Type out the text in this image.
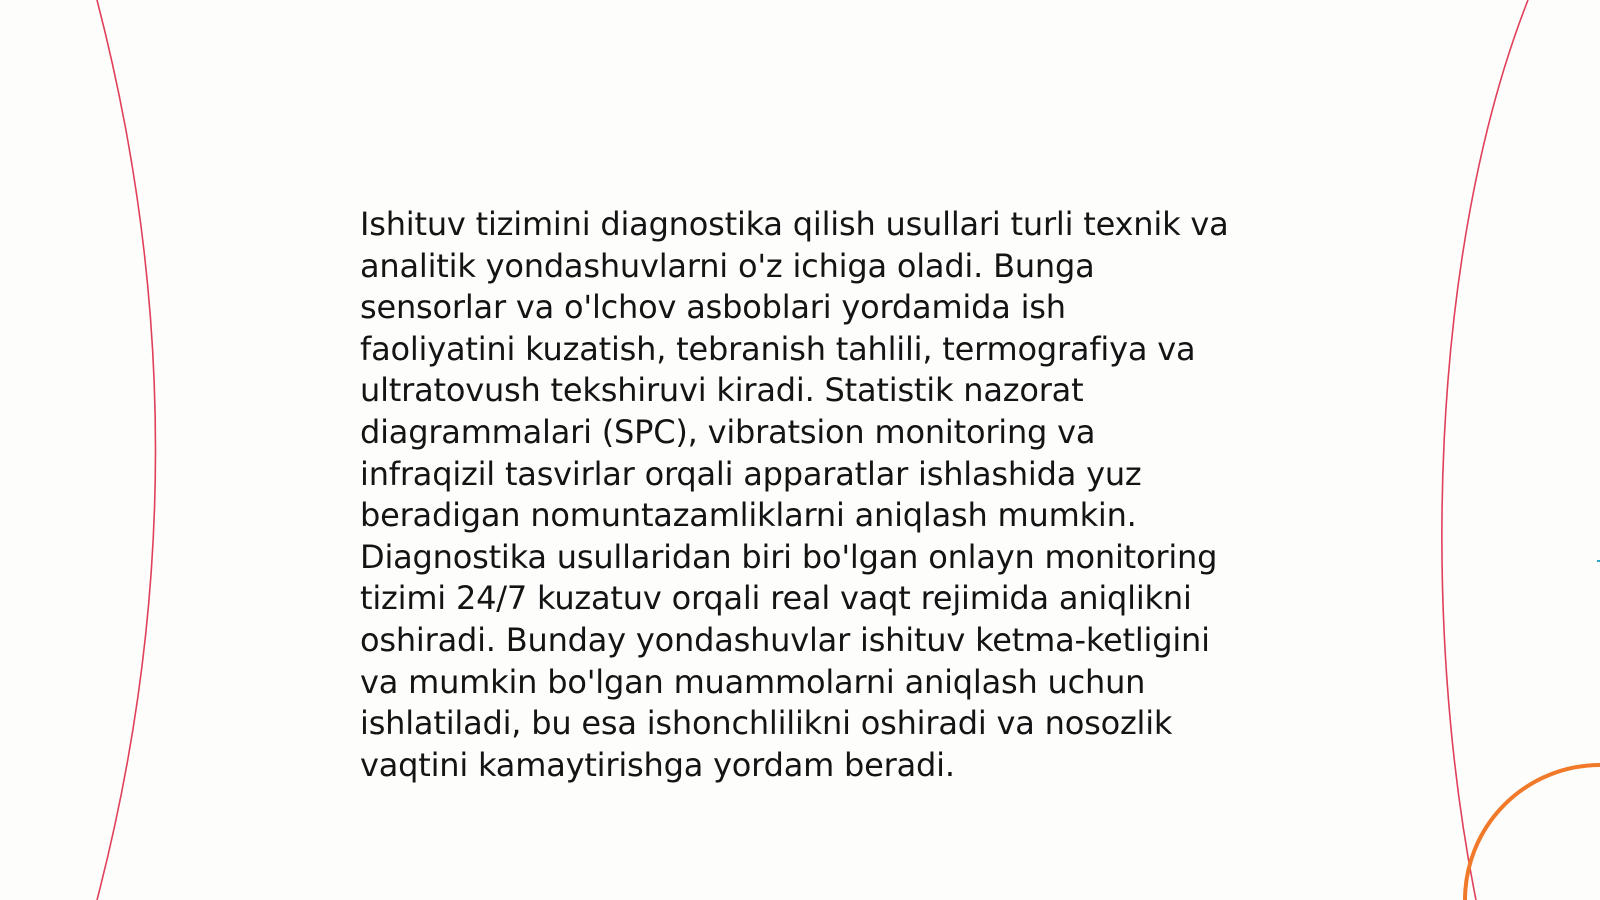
Ishituv tizimini diagnostika qilish usullari turli texnik va analitik yondashuvlarni o'z ichiga oladi. Bunga sensorlar va o'lchov asboblari yordamida ish faoliyatini kuzatish, tebranish tahlili, termografiya va ultratovush tekshiruvi kiradi. Statistik nazorat diagrammalari (SPC), vibratsion monitoring va infraqizil tasvirlar orqali apparatlar ishlashida yuz beradigan nomuntazamliklarni aniqlash mumkin. Diagnostika usullaridan biri bo'lgan onlayn monitoring tizimi 24/7 kuzatuv orqali real vaqt rejimida aniqlikni oshiradi. Bunday yondashuvlar ishituv ketma-ketligini va mumkin bo'lgan muammolarni aniqlash uchun ishlatiladi, bu esa ishonchlilikni oshiradi va nosozlik vaqtini kamaytirishga yordam beradi.
